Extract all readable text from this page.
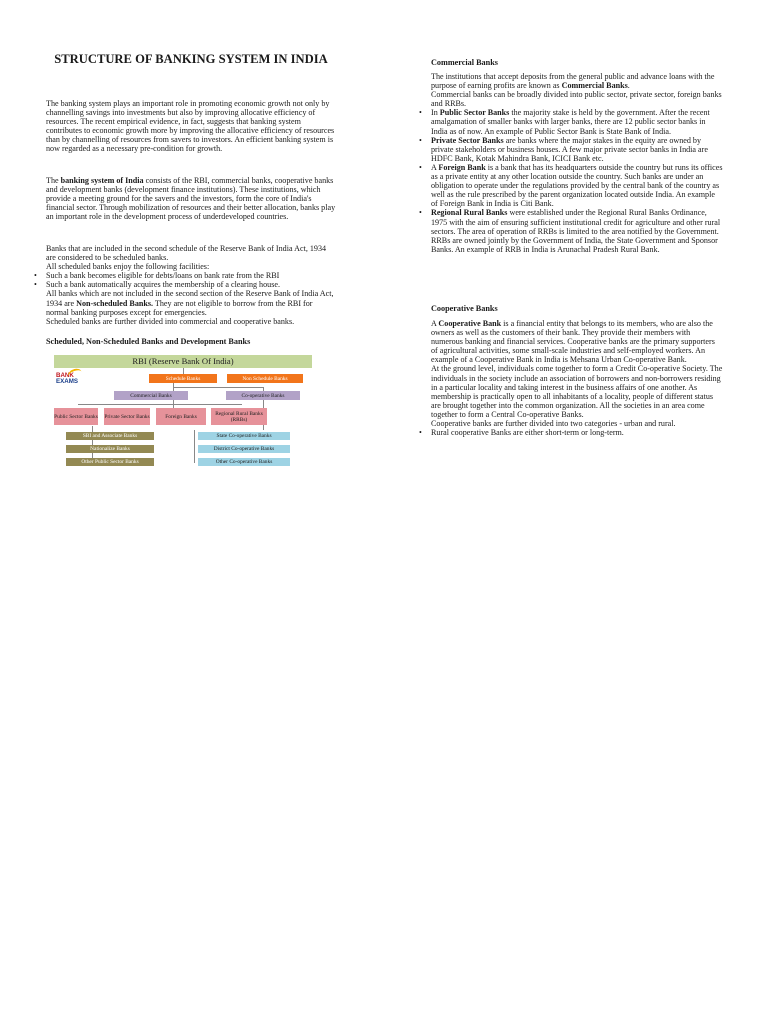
STRUCTURE OF BANKING SYSTEM IN INDIA

The banking system plays an important role in promoting economic growth not only by channelling savings into investments but also by improving allocative efficiency of resources. The recent empirical evidence, in fact, suggests that banking system contributes to economic growth more by improving the allocative efficiency of resources than by channelling of resources from savers to investors. An efficient banking system is now regarded as a necessary pre-condition for growth.

The banking system of India consists of the RBI, commercial banks, cooperative banks and development banks (development finance institutions). These institutions, which provide a meeting ground for the savers and the investors, form the core of India's financial sector. Through mobilization of resources and their better allocation, banks play an important role in the development process of underdeveloped countries.

Banks that are included in the second schedule of the Reserve Bank of India Act, 1934 are considered to be scheduled banks.

All scheduled banks enjoy the following facilities:

• Such a bank becomes eligible for debts/loans on bank rate from the RBI
• Such a bank automatically acquires the membership of a clearing house.

All banks which are not included in the second section of the Reserve Bank of India Act, 1934 are Non-scheduled Banks. They are not eligible to borrow from the RBI for normal banking purposes except for emergencies.

Scheduled banks are further divided into commercial and cooperative banks.

Scheduled, Non-Scheduled Banks and Development Banks
RBI (Reserve Bank Of India)
BANK
EXAMS	Schedule Banks	Non Schedule Banks
Commercial Banks	Co-operative Banks
Public Sector Banks Private Sector Banks	Foreign Banks	Regional Rural Banks (RRBs)
SBI and Associate Banks
Nationalize Banks
Other Public Sector Banks
State Co-operative Banks
District Co-operative Banks
Other Co-operative Banks
Commercial Banks

The institutions that accept deposits from the general public and advance loans with the purpose of earning profits are known as Commercial Banks.

Commercial banks can be broadly divided into public sector, private sector, foreign banks and RRBs.

• In Public Sector Banks the majority stake is held by the government. After the recent amalgamation of smaller banks with larger banks, there are 12 public sector banks in India as of now. An example of Public Sector Bank is State Bank of India.
• Private Sector Banks are banks where the major stakes in the equity are owned by private stakeholders or business houses. A few major private sector banks in India are HDFC Bank, Kotak Mahindra Bank, ICICI Bank etc.
• A Foreign Bank is a bank that has its headquarters outside the country but runs its offices as a private entity at any other location outside the country. Such banks are under an obligation to operate under the regulations provided by the central bank of the country as well as the rule prescribed by the parent organization located outside India. An example of Foreign Bank in India is Citi Bank.
• Regional Rural Banks were established under the Regional Rural Banks Ordinance, 1975 with the aim of ensuring sufficient institutional credit for agriculture and other rural sectors. The area of operation of RRBs is limited to the area notified by the Government. RRBs are owned jointly by the Government of India, the State Government and Sponsor Banks. An example of RRB in India is Arunachal Pradesh Rural Bank.
Cooperative Banks

A Cooperative Bank is a financial entity that belongs to its members, who are also the owners as well as the customers of their bank. They provide their members with numerous banking and financial services. Cooperative banks are the primary supporters of agricultural activities, some small-scale industries and self-employed workers. An example of a Cooperative Bank in India is Mehsana Urban Co-operative Bank.

At the ground level, individuals come together to form a Credit Co-operative Society. The individuals in the society include an association of borrowers and non-borrowers residing in a particular locality and taking interest in the business affairs of one another. As membership is practically open to all inhabitants of a locality, people of different status are brought together into the common organization. All the societies in an area come together to form a Central Co-operative Banks.

Cooperative banks are further divided into two categories - urban and rural.

• Rural cooperative Banks are either short-term or long-term.
